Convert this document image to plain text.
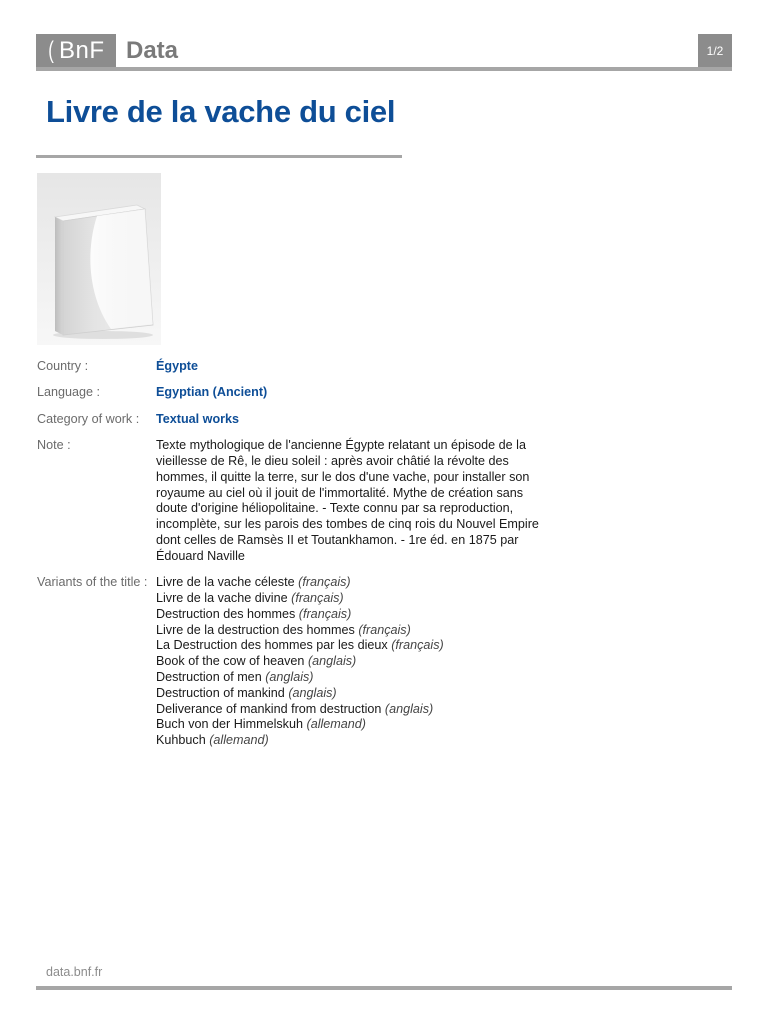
( BnF Data	1/2
Livre de la vache du ciel
Country :	Égypte
Language :	Egyptian (Ancient)
Category of work :	Textual works
Note :	Texte mythologique de l'ancienne Égypte relatant un épisode de la vieillesse de Rê, le dieu soleil : après avoir châtié la révolte des hommes, il quitte la terre, sur le dos d'une vache, pour installer son royaume au ciel où il jouit de l'immortalité. Mythe de création sans doute d'origine héliopolitaine. - Texte connu par sa reproduction, incomplète, sur les parois des tombes de cinq rois du Nouvel Empire dont celles de Ramsès II et Toutankhamon. - 1re éd. en 1875 par Édouard Naville
Variants of the title : Livre de la vache céleste (français)
Livre de la vache divine (français)
Destruction des hommes (français)
Livre de la destruction des hommes (français)
La Destruction des hommes par les dieux (français)
Book of the cow of heaven (anglais)
Destruction of men (anglais)
Destruction of mankind (anglais)
Deliverance of mankind from destruction (anglais)
Buch von der Himmelskuh (allemand)
Kuhbuch (allemand)
data.bnf.fr
